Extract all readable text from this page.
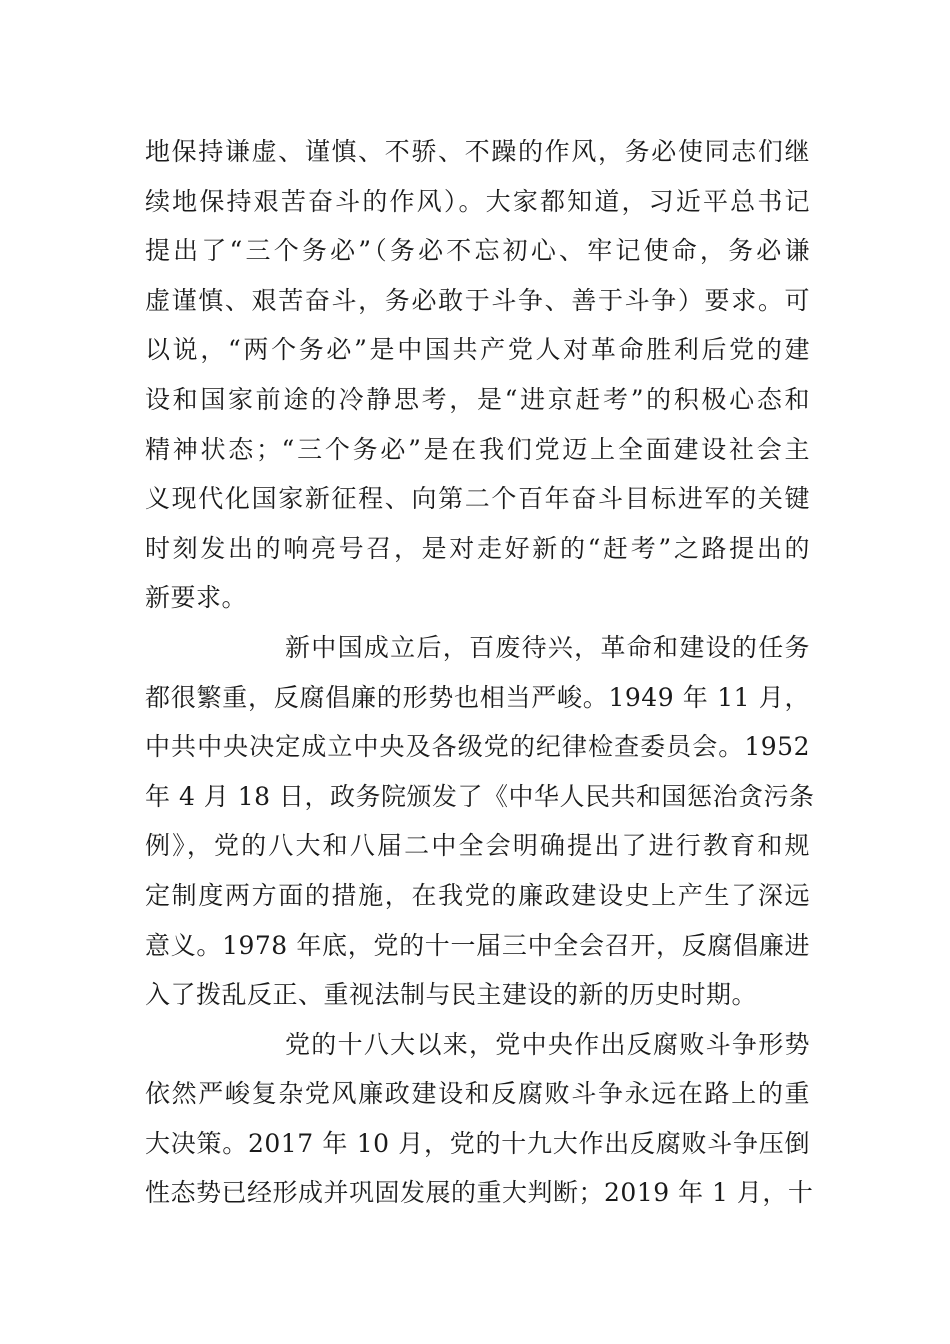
地保持谦虚、谨慎、不骄、不躁的作风，务必使同志们继
续地保持艰苦奋斗的作风）。大家都知道，习近平总书记
提出了“三个务必”（务必不忘初心、牢记使命，务必谦
虚谨慎、艰苦奋斗，务必敢于斗争、善于斗争）要求。可
以说，“两个务必”是中国共产党人对革命胜利后党的建
设和国家前途的冷静思考，是“进京赶考”的积极心态和
精神状态；“三个务必”是在我们党迈上全面建设社会主
义现代化国家新征程、向第二个百年奋斗目标进军的关键
时刻发出的响亮号召，是对走好新的“赶考”之路提出的
新要求。
新中国成立后，百废待兴，革命和建设的任务
都很繁重，反腐倡廉的形势也相当严峻。1949 年 11 月，
中共中央决定成立中央及各级党的纪律检查委员会。1952
年 4 月 18 日，政务院颁发了《中华人民共和国惩治贪污条
例》，党的八大和八届二中全会明确提出了进行教育和规
定制度两方面的措施，在我党的廉政建设史上产生了深远
意义。1978 年底，党的十一届三中全会召开，反腐倡廉进
入了拨乱反正、重视法制与民主建设的新的历史时期。
党的十八大以来，党中央作出反腐败斗争形势
依然严峻复杂党风廉政建设和反腐败斗争永远在路上的重
大决策。2017 年 10 月，党的十九大作出反腐败斗争压倒
性态势已经形成并巩固发展的重大判断；2019 年 1 月，十
